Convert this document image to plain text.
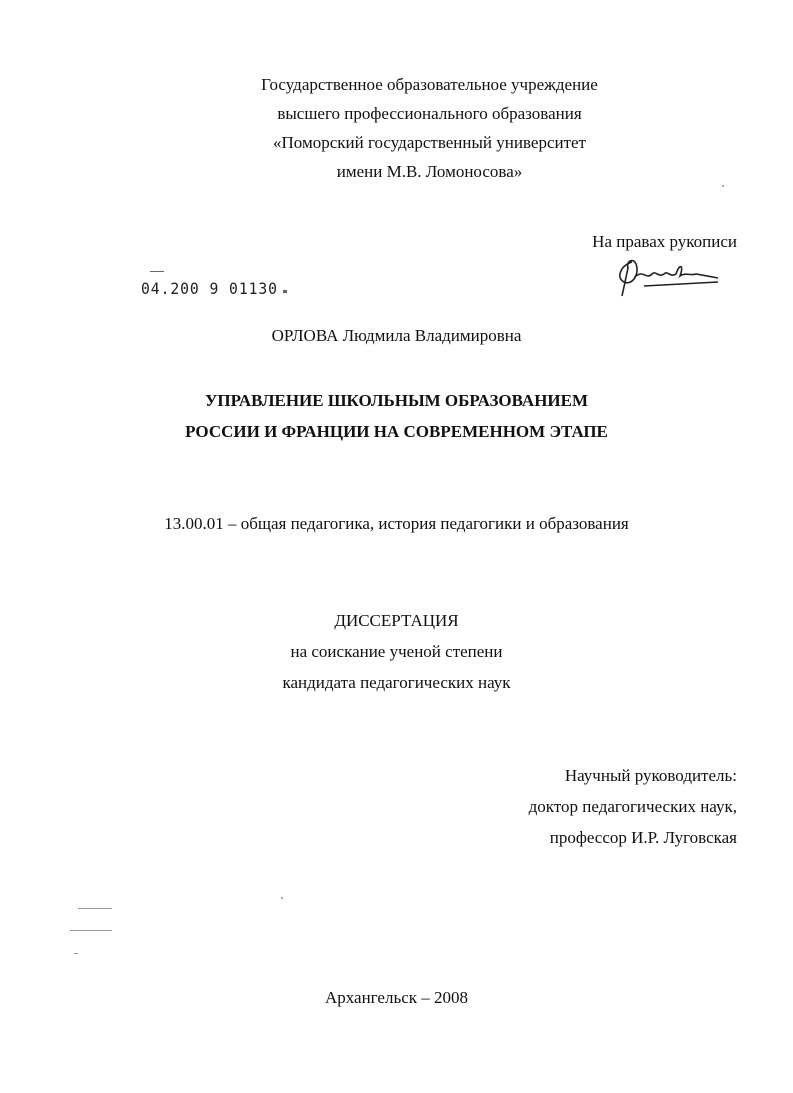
Государственное образовательное учреждение
высшего профессионального образования
«Поморский государственный университет
имени М.В. Ломоносова»
На правах рукописи
04.200 9 01130
ОРЛОВА Людмила Владимировна
УПРАВЛЕНИЕ ШКОЛЬНЫМ ОБРАЗОВАНИЕМ
РОССИИ И ФРАНЦИИ НА СОВРЕМЕННОМ ЭТАПЕ
13.00.01 – общая педагогика, история педагогики и образования
ДИССЕРТАЦИЯ
на соискание ученой степени
кандидата педагогических наук
Научный руководитель:
доктор педагогических наук,
профессор И.Р. Луговская
Архангельск – 2008
